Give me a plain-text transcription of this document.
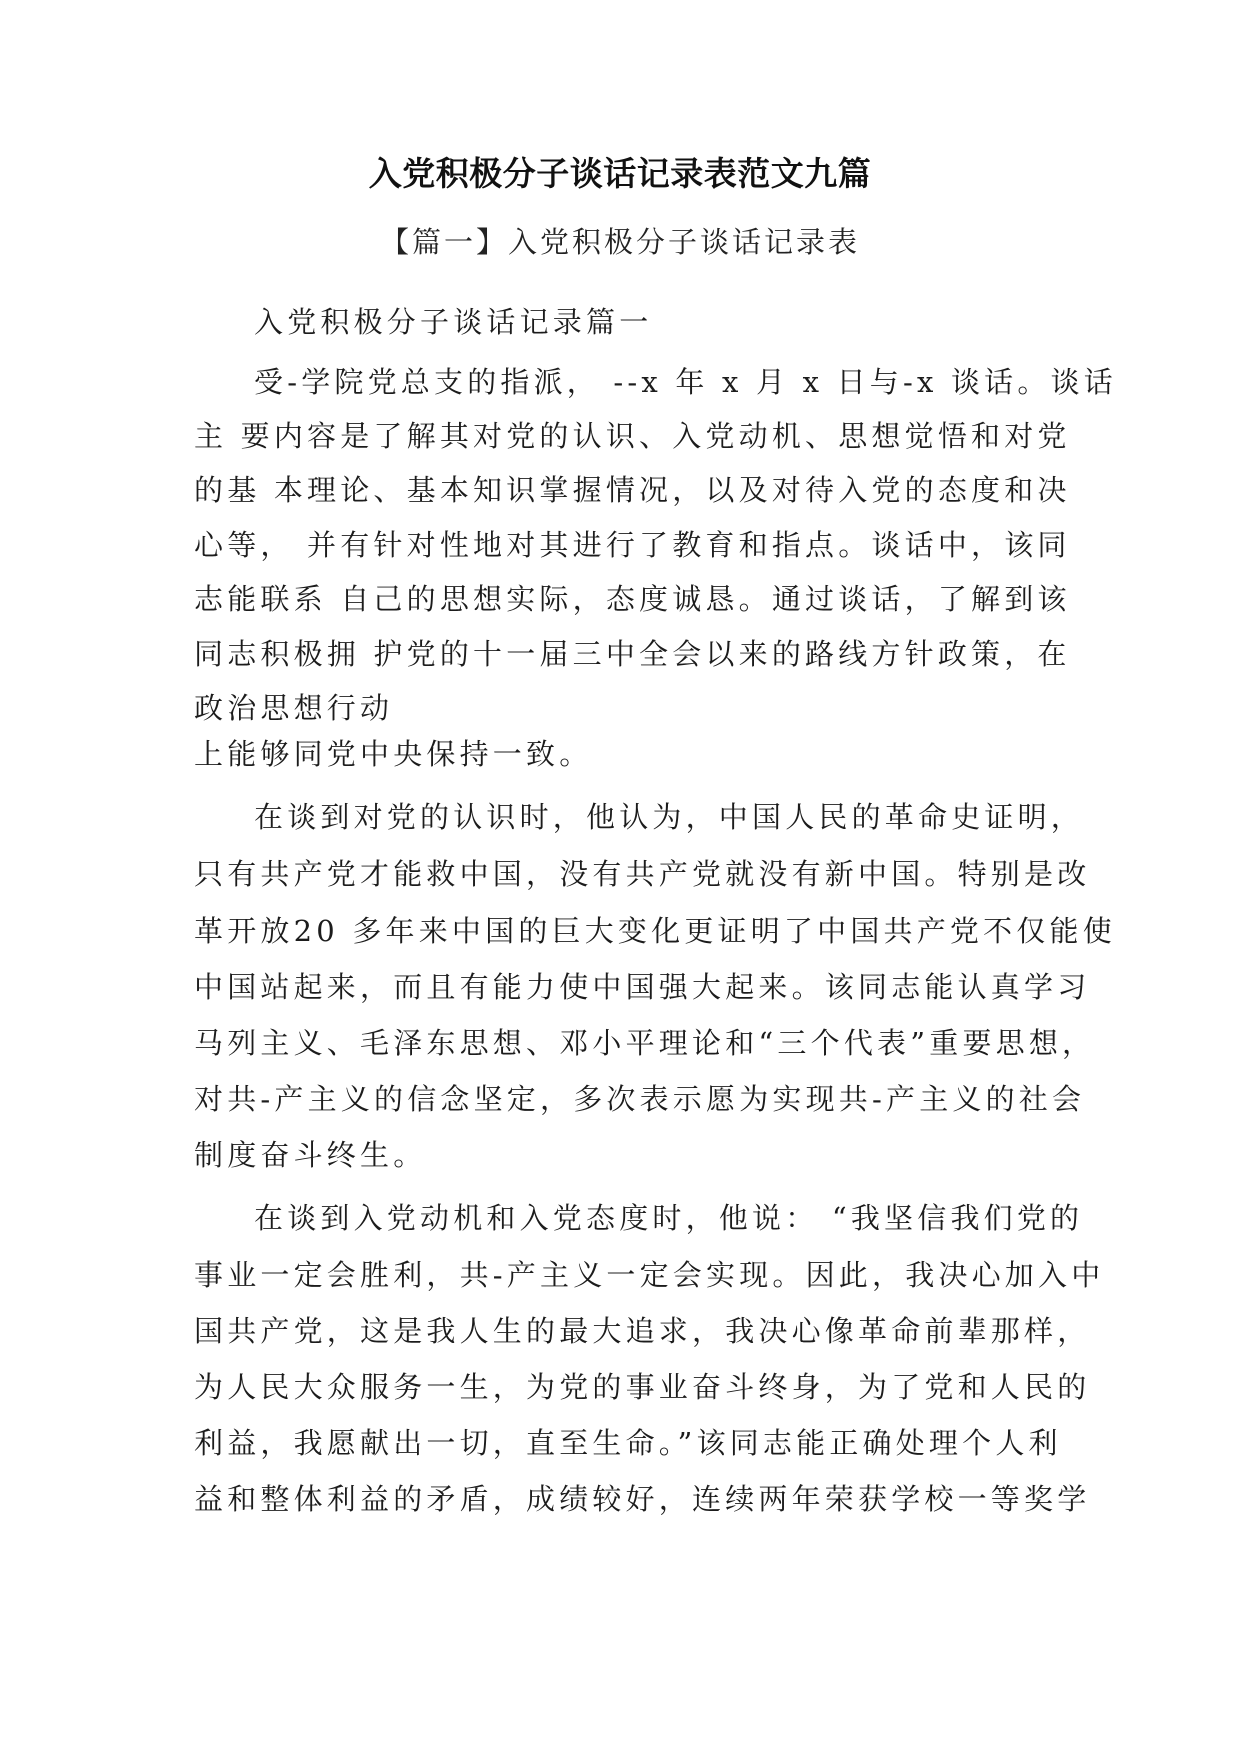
入党积极分子谈话记录表范文九篇
【篇一】入党积极分子谈话记录表
入党积极分子谈话记录篇一
受-学院党总支的指派， --x 年 x 月 x 日与-x 谈话。谈话
主 要内容是了解其对党的认识、入党动机、思想觉悟和对党
的基 本理论、基本知识掌握情况，以及对待入党的态度和决
心等， 并有针对性地对其进行了教育和指点。谈话中，该同
志能联系 自己的思想实际，态度诚恳。通过谈话，了解到该
同志积极拥 护党的十一届三中全会以来的路线方针政策，在
政治思想行动
上能够同党中央保持一致。
在谈到对党的认识时，他认为，中国人民的革命史证明，
只有共产党才能救中国，没有共产党就没有新中国。特别是改
革开放20 多年来中国的巨大变化更证明了中国共产党不仅能使
中国站起来，而且有能力使中国强大起来。该同志能认真学习
马列主义、毛泽东思想、邓小平理论和“三个代表”重要思想，
对共-产主义的信念坚定，多次表示愿为实现共-产主义的社会
制度奋斗终生。
在谈到入党动机和入党态度时，他说： “我坚信我们党的
事业一定会胜利，共-产主义一定会实现。因此，我决心加入中
国共产党，这是我人生的最大追求，我决心像革命前辈那样，
为人民大众服务一生，为党的事业奋斗终身，为了党和人民的
利益，我愿献出一切，直至生命。”该同志能正确处理个人利
益和整体利益的矛盾，成绩较好，连续两年荣获学校一等奖学
